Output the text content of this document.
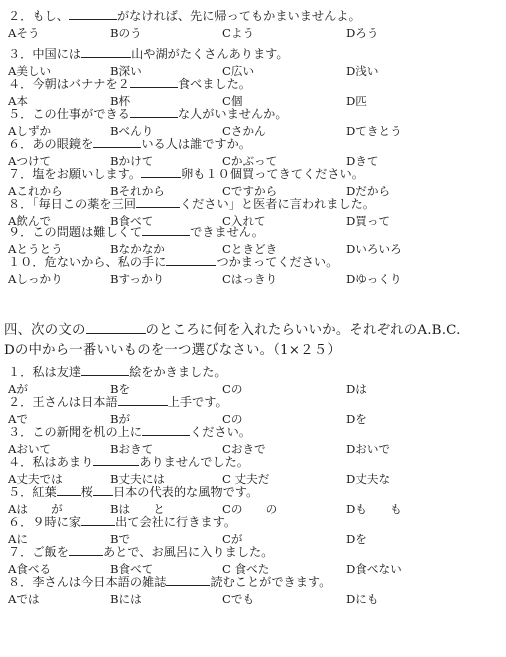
２．もし、	がなければ、先に帰ってもかまいませんよ。
Aそう	Bのう	Cよう	Dろう
３．中国には	山や湖がたくさんあります。
A美しい	B深い	C広い	D浅い
４．今朝はバナナを２	食べました。
A本	B杯	C個	D匹
５．この仕事ができる	な人がいませんか。
Aしずか	Bべんり	Cさかん	Dてきとう
６．あの眼鏡を	いる人は誰ですか。
Aつけて	Bかけて	Cかぶって	Dきて
７．塩をお願いします。	卵も１０個買ってきてください。
Aこれから	Bそれから	Cですから	Dだから
８．「毎日この薬を三回	ください」と医者に言われました。
A飲んで	B食べて	C入れて	D買って
９．この問題は難しくて	できません。
Aとうとう	Bなかなか	Cときどき	Dいろいろ
１０．危ないから、私の手に	つかまってください。
Aしっかり	Bすっかり	Cはっきり	Dゆっくり
四、次の文の	のところに何を入れたらいいか。それぞれのA.B.C.
Dの中から一番いいものを一つ選びなさい。（1×２５）
１．私は友達	絵をかきました。
Aが	Bを	Cの	Dは
２．王さんは日本語	上手です。
Aで	Bが	Cの	Dを
３．この新聞を机の上に	ください。
Aおいて	Bおきて	Cおきで	Dおいで
４．私はあまり	ありませんでした。
A丈夫では	B丈夫には	C 丈夫だ	D丈夫な
５．紅葉 桜 日本の代表的な風物です。
Aは　　が	Bは　　と	Cの　　の	Dも　　も
６．９時に家	出て会社に行きます。
Aに	Bで	Cが	Dを
７．ご飯を	あとで、お風呂に入りました。
A食べる	B食べて	C 食べた	D食べない
８．李さんは今日本語の雑誌	読むことができます。
Aでは	Bには	Cでも	Dにも
